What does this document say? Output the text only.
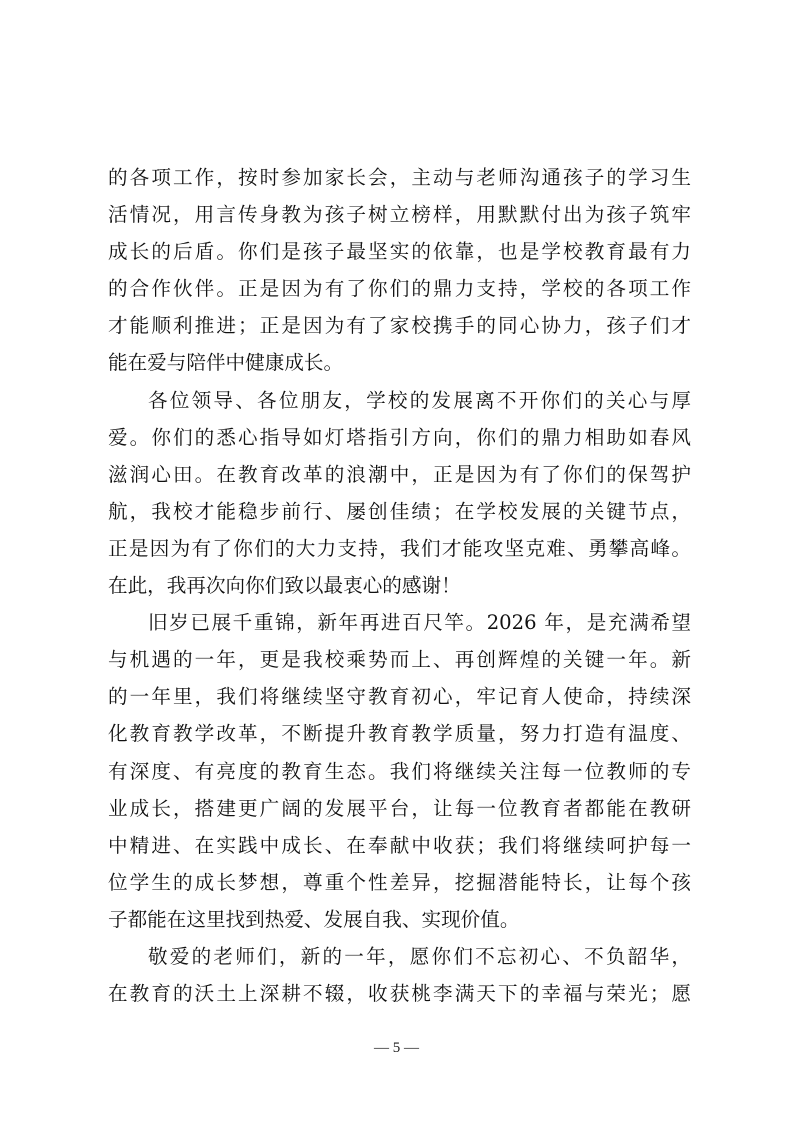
的各项工作，按时参加家长会，主动与老师沟通孩子的学习生
活情况，用言传身教为孩子树立榜样，用默默付出为孩子筑牢
成长的后盾。你们是孩子最坚实的依靠，也是学校教育最有力
的合作伙伴。正是因为有了你们的鼎力支持，学校的各项工作
才能顺利推进；正是因为有了家校携手的同心协力，孩子们才
能在爱与陪伴中健康成长。
各位领导、各位朋友，学校的发展离不开你们的关心与厚
爱。你们的悉心指导如灯塔指引方向，你们的鼎力相助如春风
滋润心田。在教育改革的浪潮中，正是因为有了你们的保驾护
航，我校才能稳步前行、屡创佳绩；在学校发展的关键节点，
正是因为有了你们的大力支持，我们才能攻坚克难、勇攀高峰。
在此，我再次向你们致以最衷心的感谢！
旧岁已展千重锦，新年再进百尺竿。2026 年，是充满希望
与机遇的一年，更是我校乘势而上、再创辉煌的关键一年。新
的一年里，我们将继续坚守教育初心，牢记育人使命，持续深
化教育教学改革，不断提升教育教学质量，努力打造有温度、
有深度、有亮度的教育生态。我们将继续关注每一位教师的专
业成长，搭建更广阔的发展平台，让每一位教育者都能在教研
中精进、在实践中成长、在奉献中收获；我们将继续呵护每一
位学生的成长梦想，尊重个性差异，挖掘潜能特长，让每个孩
子都能在这里找到热爱、发展自我、实现价值。
敬爱的老师们，新的一年，愿你们不忘初心、不负韶华，
在教育的沃土上深耕不辍，收获桃李满天下的幸福与荣光；愿
— 5 —
